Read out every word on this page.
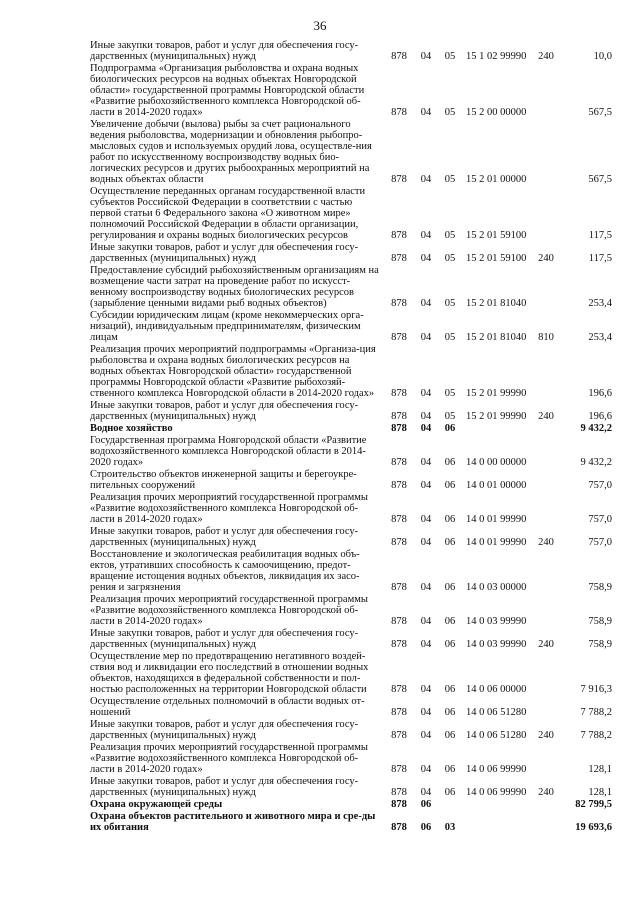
36
Иные закупки товаров, работ и услуг для обеспечения госу-дарственных (муниципальных) нужд	878	04	05	15 1 02 99990	240	10,0
Подпрограмма «Организация рыболовства и охрана водных биологических ресурсов на водных объектах Новгородской области» государственной программы Новгородской области «Развитие рыбохозяйственного комплекса Новгородской об-ласти в 2014-2020 годах»	878	04	05	15 2 00 00000		567,5
Увеличение добычи (вылова) рыбы за счет рационального ведения рыболовства, модернизации и обновления рыбопро-мысловых судов и используемых орудий лова, осуществле-ния работ по искусственному воспроизводству водных био-логических ресурсов и других рыбоохранных мероприятий на водных объектах области	878	04	05	15 2 01 00000		567,5
Осуществление переданных органам государственной власти субъектов Российской Федерации в соответствии с частью первой статьи 6 Федерального закона «О животном мире» полномочий Российской Федерации в области организации, регулирования и охраны водных биологических ресурсов	878	04	05	15 2 01 59100		117,5
Иные закупки товаров, работ и услуг для обеспечения госу-дарственных (муниципальных) нужд	878	04	05	15 2 01 59100	240	117,5
Предоставление субсидий рыбохозяйственным организациям на возмещение части затрат на проведение работ по искусст-венному воспроизводству водных биологических ресурсов (зарыбление ценными видами рыб водных объектов)	878	04	05	15 2 01 81040		253,4
Субсидии юридическим лицам (кроме некоммерческих орга-низаций), индивидуальным предпринимателям, физическим лицам	878	04	05	15 2 01 81040	810	253,4
Реализация прочих мероприятий подпрограммы «Организа-ция рыболовства и охрана водных биологических ресурсов на водных объектах Новгородской области» государственной программы Новгородской области «Развитие рыбохозяй-ственного комплекса Новгородской области в 2014-2020 годах»	878	04	05	15 2 01 99990		196,6
Иные закупки товаров, работ и услуг для обеспечения госу-дарственных (муниципальных) нужд	878	04	05	15 2 01 99990	240	196,6
Водное хозяйство	878	04	06			9 432,2
Государственная программа Новгородской области «Развитие водохозяйственного комплекса Новгородской области в 2014-2020 годах»	878	04	06	14 0 00 00000		9 432,2
Строительство объектов инженерной защиты и берегоукре-пительных сооружений	878	04	06	14 0 01 00000		757,0
Реализация прочих мероприятий государственной программы «Развитие водохозяйственного комплекса Новгородской об-ласти в 2014-2020 годах»	878	04	06	14 0 01 99990		757,0
Иные закупки товаров, работ и услуг для обеспечения госу-дарственных (муниципальных) нужд	878	04	06	14 0 01 99990	240	757,0
Восстановление и экологическая реабилитация водных объ-ектов, утративших способность к самоочищению, предот-вращение истощения водных объектов, ликвидация их засо-рения и загрязнения	878	04	06	14 0 03 00000		758,9
Реализация прочих мероприятий государственной программы «Развитие водохозяйственного комплекса Новгородской об-ласти в 2014-2020 годах»	878	04	06	14 0 03 99990		758,9
Иные закупки товаров, работ и услуг для обеспечения госу-дарственных (муниципальных) нужд	878	04	06	14 0 03 99990	240	758,9
Осуществление мер по предотвращению негативного воздей-ствия вод и ликвидации его последствий в отношении водных объектов, находящихся в федеральной собственности и пол-ностью расположенных на территории Новгородской области	878	04	06	14 0 06 00000		7 916,3
Осуществление отдельных полномочий в области водных от-ношений	878	04	06	14 0 06 51280		7 788,2
Иные закупки товаров, работ и услуг для обеспечения госу-дарственных (муниципальных) нужд	878	04	06	14 0 06 51280	240	7 788,2
Реализация прочих мероприятий государственной программы «Развитие водохозяйственного комплекса Новгородской об-ласти в 2014-2020 годах»	878	04	06	14 0 06 99990		128,1
Иные закупки товаров, работ и услуг для обеспечения госу-дарственных (муниципальных) нужд	878	04	06	14 0 06 99990	240	128,1
Охрана окружающей среды	878	06				82 799,5
Охрана объектов растительного и животного мира и сре-ды их обитания	878	06	03			19 693,6
